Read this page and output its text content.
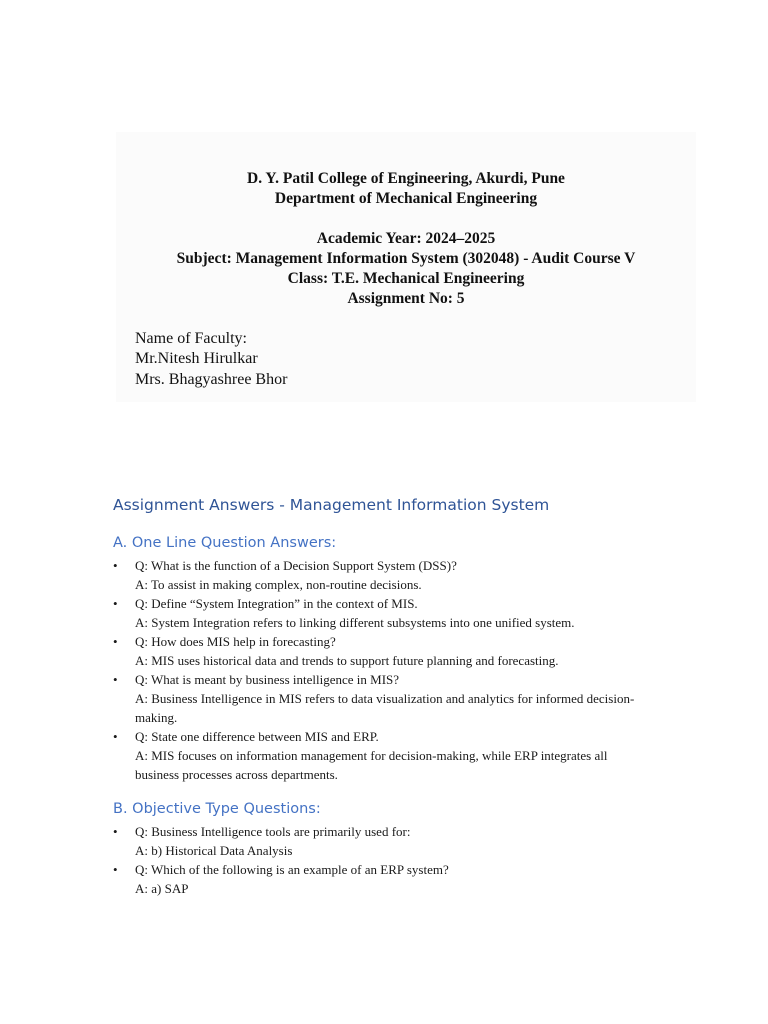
D. Y. Patil College of Engineering, Akurdi, Pune
Department of Mechanical Engineering
Academic Year: 2024–2025
Subject: Management Information System (302048) - Audit Course V
Class: T.E. Mechanical Engineering
Assignment No: 5
Name of Faculty:
Mr.Nitesh Hirulkar
Mrs. Bhagyashree Bhor
Assignment Answers - Management Information System
A. One Line Question Answers:
• Q: What is the function of a Decision Support System (DSS)?
A: To assist in making complex, non-routine decisions.
• Q: Define “System Integration” in the context of MIS.
A: System Integration refers to linking different subsystems into one unified system.
• Q: How does MIS help in forecasting?
A: MIS uses historical data and trends to support future planning and forecasting.
• Q: What is meant by business intelligence in MIS?
A: Business Intelligence in MIS refers to data visualization and analytics for informed decision-making.
• Q: State one difference between MIS and ERP.
A: MIS focuses on information management for decision-making, while ERP integrates all business processes across departments.
B. Objective Type Questions:
• Q: Business Intelligence tools are primarily used for:
A: b) Historical Data Analysis
• Q: Which of the following is an example of an ERP system?
A: a) SAP
